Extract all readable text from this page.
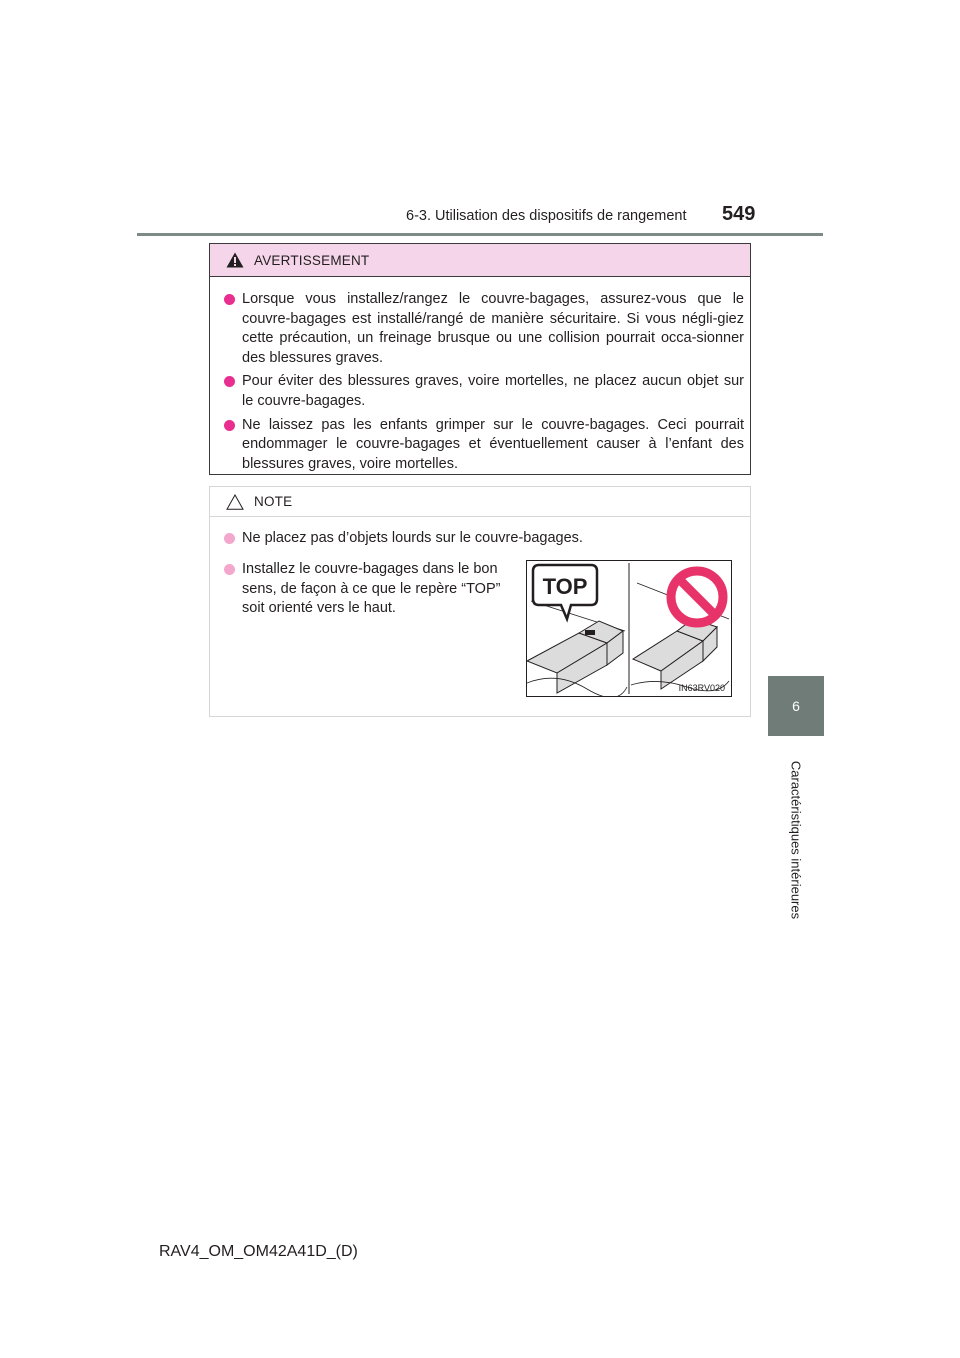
6-3. Utilisation des dispositifs de rangement 549
6
Caractéristiques intérieures
AVERTISSEMENT
Lorsque vous installez/rangez le couvre-bagages, assurez-vous que le couvre-bagages est installé/rangé de manière sécuritaire. Si vous négli-giez cette précaution, un freinage brusque ou une collision pourrait occa-sionner des blessures graves.
Pour éviter des blessures graves, voire mortelles, ne placez aucun objet sur le couvre-bagages.
Ne laissez pas les enfants grimper sur le couvre-bagages. Ceci pourrait endommager le couvre-bagages et éventuellement causer à l’enfant des blessures graves, voire mortelles.
NOTE
Ne placez pas d’objets lourds sur le couvre-bagages.
Installez le couvre-bagages dans le bon sens, de façon à ce que le repère “TOP” soit orienté vers le haut.
TOP
IN63RV020
RAV4_OM_OM42A41D_(D)
